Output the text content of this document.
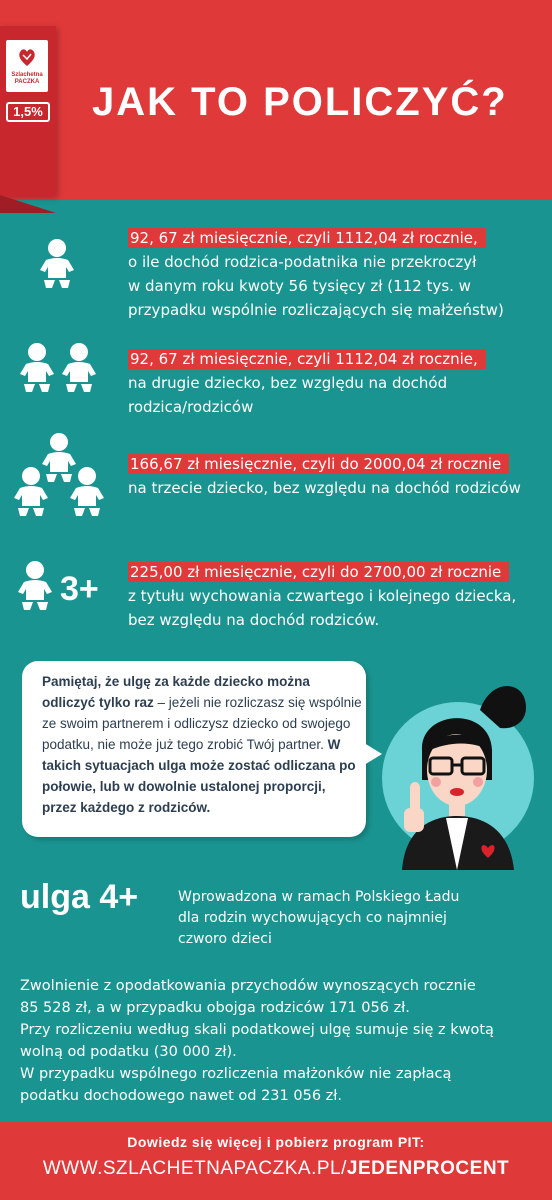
Szlachetna
PACZKA
1,5% JAK TO POLICZYĆ?
92, 67 zł miesięcznie, czyli 1112,04 zł rocznie,
o ile dochód rodzica-podatnika nie przekroczył
w danym roku kwoty 56 tysięcy zł (112 tys. w
przypadku wspólnie rozliczających się małżeństw)
92, 67 zł miesięcznie, czyli 1112,04 zł rocznie,
na drugie dziecko, bez względu na dochód
rodzica/rodziców
166,67 zł miesięcznie, czyli do 2000,04 zł rocznie
na trzecie dziecko, bez względu na dochód rodziców
3+ 225,00 zł miesięcznie, czyli do 2700,00 zł rocznie
z tytułu wychowania czwartego i kolejnego dziecka,
bez względu na dochód rodziców.
Pamiętaj, że ulgę za każde dziecko można odliczyć tylko raz – jeżeli nie rozliczasz się wspólnie ze swoim partnerem i odliczysz dziecko od swojego podatku, nie może już tego zrobić Twój partner. W takich sytuacjach ulga może zostać odliczana po połowie, lub w dowolnie ustalonej proporcji, przez każdego z rodziców.
ulga 4+	Wprowadzona w ramach Polskiego Ładu
dla rodzin wychowujących co najmniej
czworo dzieci
Zwolnienie z opodatkowania przychodów wynoszących rocznie
85 528 zł, a w przypadku obojga rodziców 171 056 zł.
Przy rozliczeniu według skali podatkowej ulgę sumuje się z kwotą
wolną od podatku (30 000 zł).
W przypadku wspólnego rozliczenia małżonków nie zapłacą
podatku dochodowego nawet od 231 056 zł.
Dowiedz się więcej i pobierz program PIT:
WWW.SZLACHETNAPACZKA.PL/JEDENPROCENT
